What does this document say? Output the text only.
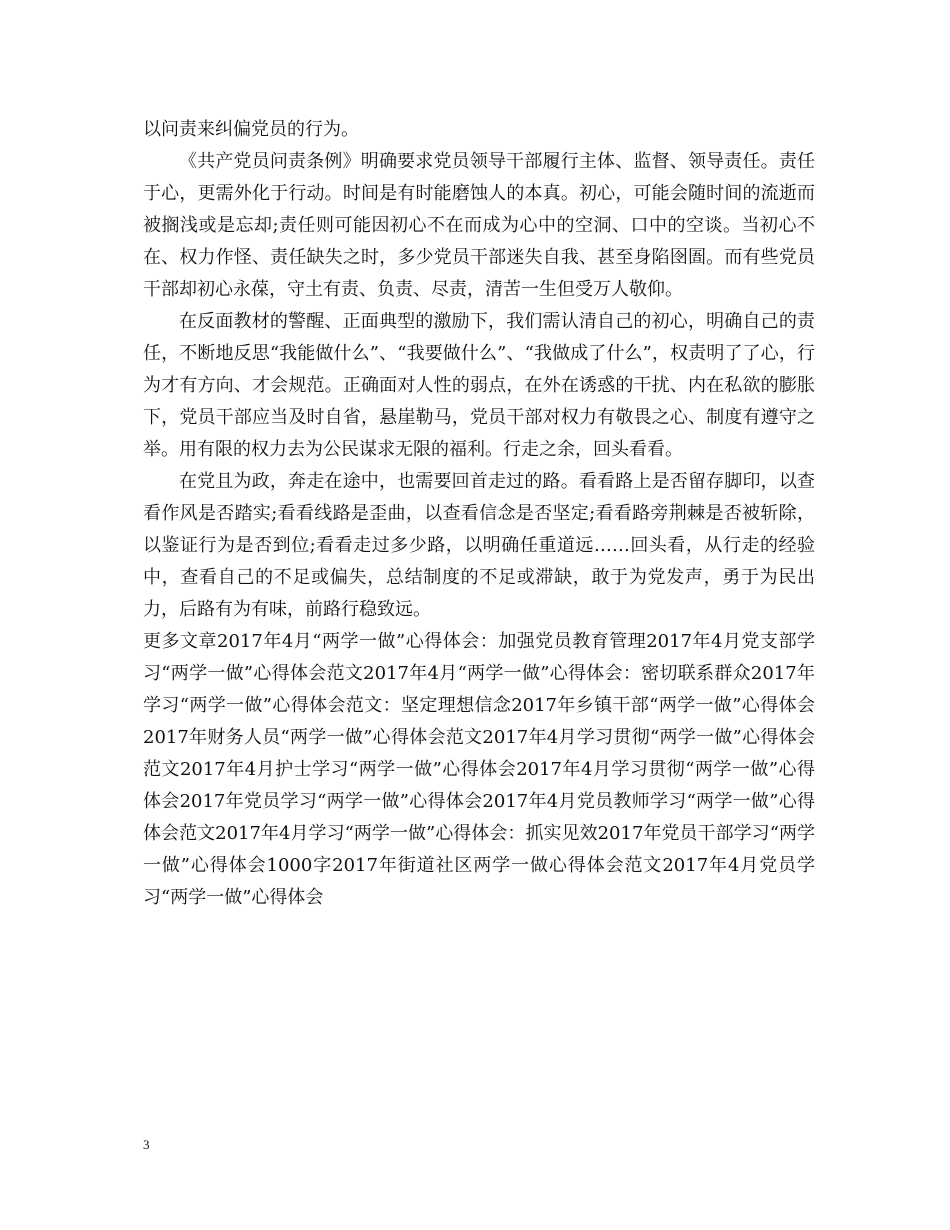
以问责来纠偏党员的行为。

《共产党员问责条例》明确要求党员领导干部履行主体、监督、领导责任。责任于心，更需外化于行动。时间是有时能磨蚀人的本真。初心，可能会随时间的流逝而被搁浅或是忘却;责任则可能因初心不在而成为心中的空洞、口中的空谈。当初心不在、权力作怪、责任缺失之时，多少党员干部迷失自我、甚至身陷囹圄。而有些党员干部却初心永葆，守土有责、负责、尽责，清苦一生但受万人敬仰。

在反面教材的警醒、正面典型的激励下，我们需认清自己的初心，明确自己的责任，不断地反思“我能做什么”、“我要做什么”、“我做成了什么”，权责明了了心，行为才有方向、才会规范。正确面对人性的弱点，在外在诱惑的干扰、内在私欲的膨胀下，党员干部应当及时自省，悬崖勒马，党员干部对权力有敬畏之心、制度有遵守之举。用有限的权力去为公民谋求无限的福利。行走之余，回头看看。

在党且为政，奔走在途中，也需要回首走过的路。看看路上是否留存脚印，以查看作风是否踏实;看看线路是歪曲，以查看信念是否坚定;看看路旁荆棘是否被斩除，以鉴证行为是否到位;看看走过多少路，以明确任重道远……回头看，从行走的经验中，查看自己的不足或偏失，总结制度的不足或滞缺，敢于为党发声，勇于为民出力，后路有为有味，前路行稳致远。

更多文章2017年4月“两学一做”心得体会：加强党员教育管理2017年4月党支部学习“两学一做”心得体会范文2017年4月“两学一做”心得体会：密切联系群众2017年学习“两学一做”心得体会范文：坚定理想信念2017年乡镇干部“两学一做”心得体会2017年财务人员“两学一做”心得体会范文2017年4月学习贯彻“两学一做”心得体会范文2017年4月护士学习“两学一做”心得体会2017年4月学习贯彻“两学一做”心得体会2017年党员学习“两学一做”心得体会2017年4月党员教师学习“两学一做”心得体会范文2017年4月学习“两学一做”心得体会：抓实见效2017年党员干部学习“两学一做”心得体会1000字2017年街道社区两学一做心得体会范文2017年4月党员学习“两学一做”心得体会

3
